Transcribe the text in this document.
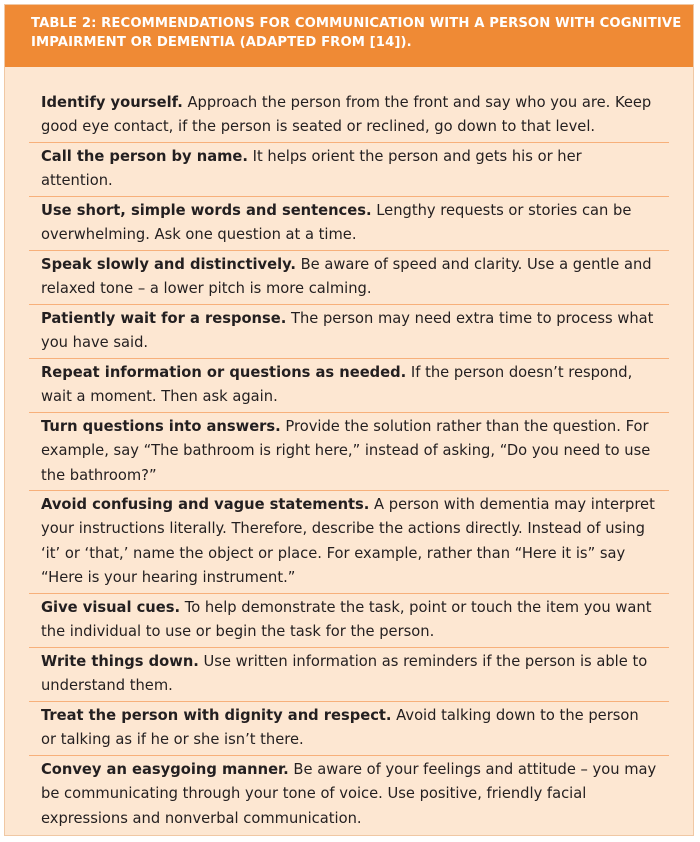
TABLE 2: RECOMMENDATIONS FOR COMMUNICATION WITH A PERSON WITH COGNITIVE
IMPAIRMENT OR DEMENTIA (ADAPTED FROM [14]).
Identify yourself. Approach the person from the front and say who you are. Keep good eye contact, if the person is seated or reclined, go down to that level.
Call the person by name. It helps orient the person and gets his or her attention.
Use short, simple words and sentences. Lengthy requests or stories can be overwhelming. Ask one question at a time.
Speak slowly and distinctively. Be aware of speed and clarity. Use a gentle and relaxed tone – a lower pitch is more calming.
Patiently wait for a response. The person may need extra time to process what you have said.
Repeat information or questions as needed. If the person doesn’t respond, wait a moment. Then ask again.
Turn questions into answers. Provide the solution rather than the question. For example, say “The bathroom is right here,” instead of asking, “Do you need to use the bathroom?”
Avoid confusing and vague statements. A person with dementia may interpret your instructions literally. Therefore, describe the actions directly. Instead of using ‘it’ or ‘that,’ name the object or place. For example, rather than “Here it is” say “Here is your hearing instrument.”
Give visual cues. To help demonstrate the task, point or touch the item you want the individual to use or begin the task for the person.
Write things down. Use written information as reminders if the person is able to understand them.
Treat the person with dignity and respect. Avoid talking down to the person or talking as if he or she isn’t there.
Convey an easygoing manner. Be aware of your feelings and attitude – you may be communicating through your tone of voice. Use positive, friendly facial expressions and nonverbal communication.
